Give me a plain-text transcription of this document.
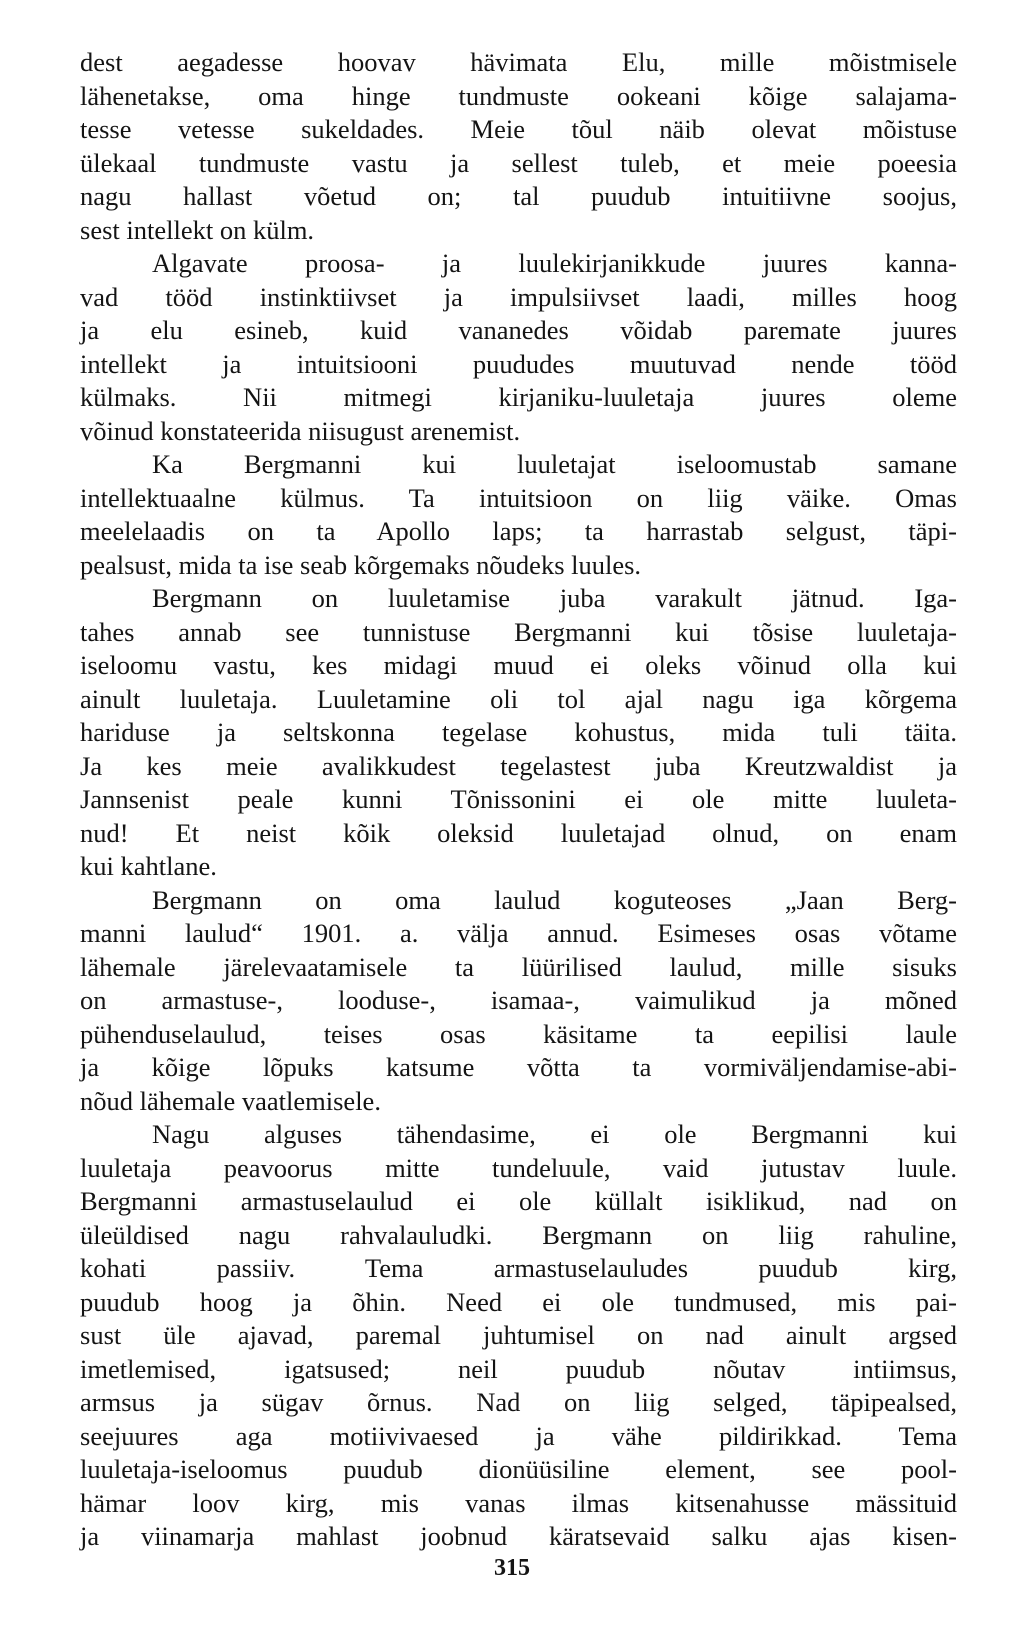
dest aegadesse hoovav hävimata Elu, mille mõistmisele
lähenetakse, oma hinge tundmuste ookeani kõige salajama-
tesse vetesse sukeldades. Meie tõul näib olevat mõistuse
ülekaal tundmuste vastu ja sellest tuleb, et meie poeesia
nagu hallast võetud on; tal puudub intuitiivne soojus,
sest intellekt on külm.
Algavate proosa- ja luulekirjanikkude juures kanna-
vad tööd instinktiivset ja impulsiivset laadi, milles hoog
ja elu esineb, kuid vananedes võidab paremate juures
intellekt ja intuitsiooni puududes muutuvad nende tööd
külmaks. Nii mitmegi kirjaniku-luuletaja juures oleme
võinud konstateerida niisugust arenemist.
Ka Bergmanni kui luuletajat iseloomustab samane
intellektuaalne külmus. Ta intuitsioon on liig väike. Omas
meelelaadis on ta Apollo laps; ta harrastab selgust, täpi-
pealsust, mida ta ise seab kõrgemaks nõudeks luules.
Bergmann on luuletamise juba varakult jätnud. Iga-
tahes annab see tunnistuse Bergmanni kui tõsise luuletaja-
iseloomu vastu, kes midagi muud ei oleks võinud olla kui
ainult luuletaja. Luuletamine oli tol ajal nagu iga kõrgema
hariduse ja seltskonna tegelase kohustus, mida tuli täita.
Ja kes meie avalikkudest tegelastest juba Kreutzwaldist ja
Jannsenist peale kunni Tõnissonini ei ole mitte luuleta-
nud! Et neist kõik oleksid luuletajad olnud, on enam
kui kahtlane.
Bergmann on oma laulud koguteoses „Jaan Berg-
manni laulud“ 1901. a. välja annud. Esimeses osas võtame
lähemale järelevaatamisele ta lüürilised laulud, mille sisuks
on armastuse-, looduse-, isamaa-, vaimulikud ja mõned
pühenduselaulud, teises osas käsitame ta eepilisi laule
ja kõige lõpuks katsume võtta ta vormiväljendamise-abi-
nõud lähemale vaatlemisele.
Nagu alguses tähendasime, ei ole Bergmanni kui
luuletaja peavoorus mitte tundeluule, vaid jutustav luule.
Bergmanni armastuselaulud ei ole küllalt isiklikud, nad on
üleüldised nagu rahvalauludki. Bergmann on liig rahuline,
kohati passiiv. Tema armastuselauludes puudub kirg,
puudub hoog ja õhin. Need ei ole tundmused, mis pai-
sust üle ajavad, paremal juhtumisel on nad ainult argsed
imetlemised, igatsused; neil puudub nõutav intiimsus,
armsus ja sügav õrnus. Nad on liig selged, täpipealsed,
seejuures aga motiivivaesed ja vähe pildirikkad. Tema
luuletaja-iseloomus puudub dionüüsiline element, see pool-
hämar loov kirg, mis vanas ilmas kitsenahusse mässituid
ja viinamarja mahlast joobnud käratsevaid salku ajas kisen-
315
